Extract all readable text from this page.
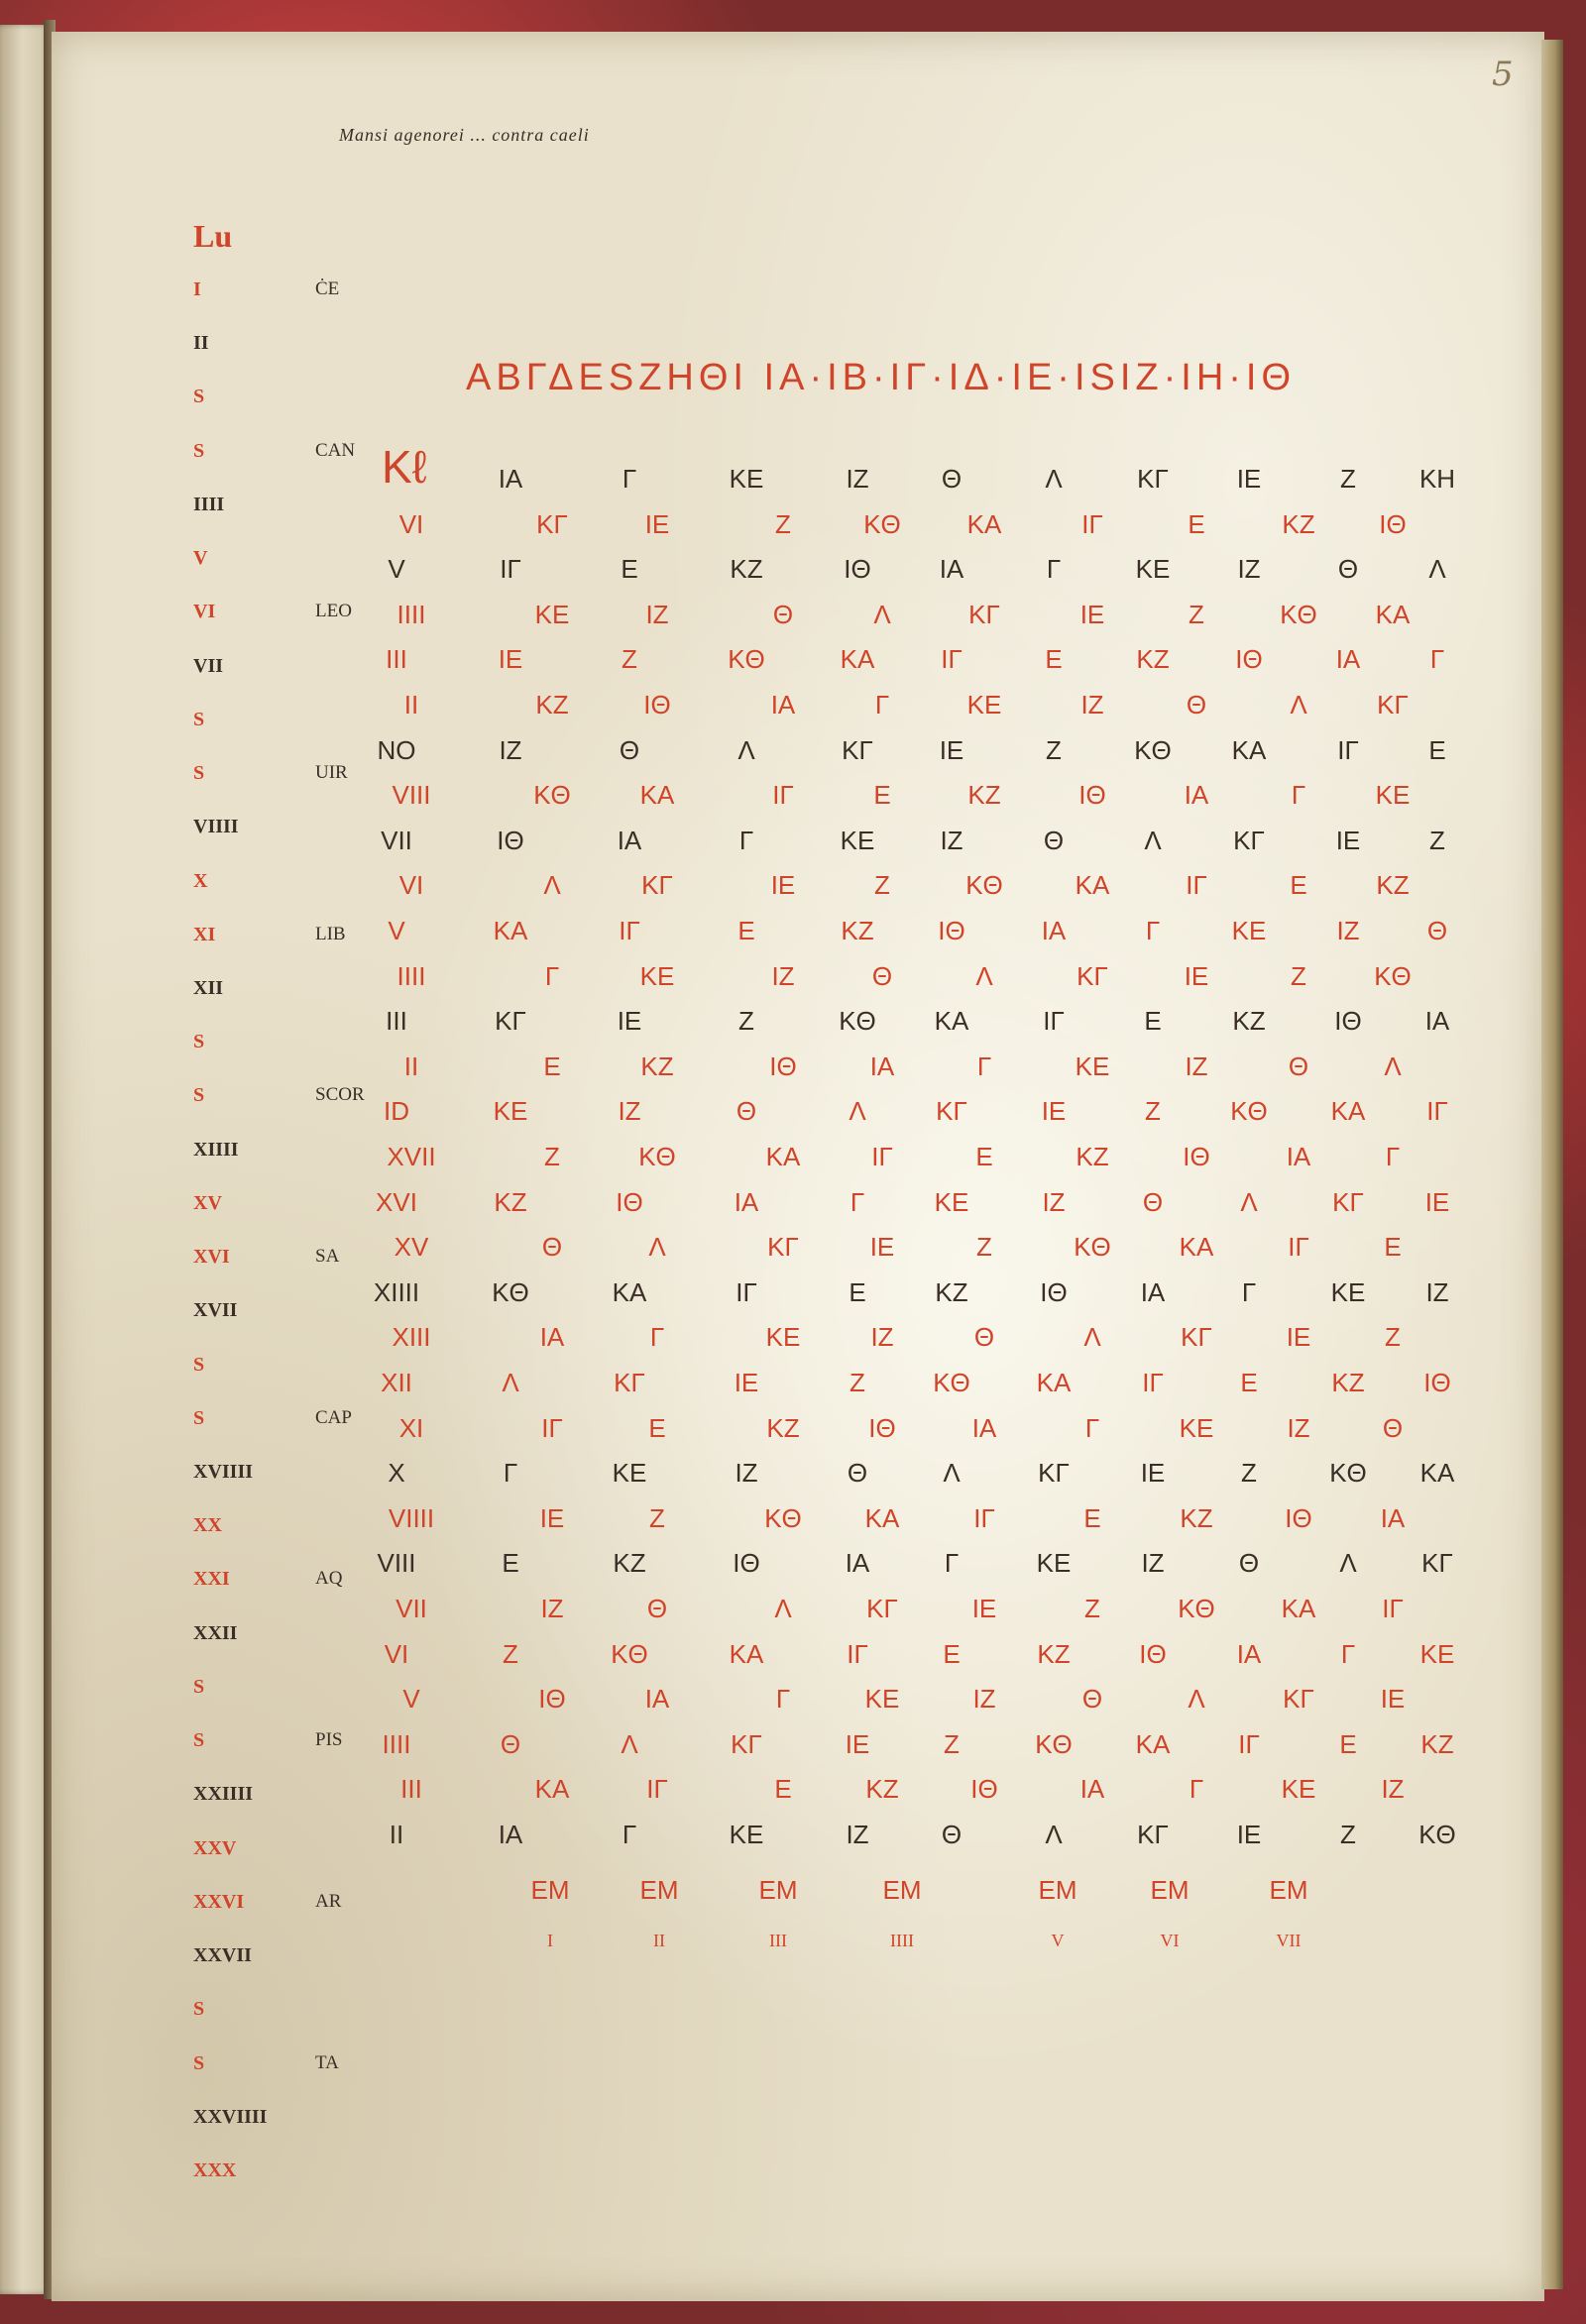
5
Mansi agenorei ... contra caeli
Lu
ΑΒΓΔΕSΖΗΘΙ ΙΑ·ΙΒ·ΙΓ·ΙΔ·ΙΕ·ΙSΙΖ·ΙΗ·ΙΘ
I
II
S
S
IIII
V
VI
VII
S
S
VIIII
X
XI
XII
S
S
XIIII
XV
XVI
XVII
S
S
XVIIII
XX
XXI
XXII
S
S
XXIIII
XXV
XXVI
XXVII
S
S
XXVIIII
XXX
ĊE
CAN
LEO
UIR
LIB
SCOR
SA
CAP
AQ
PIS
AR
TA
Kℓ	IA	Γ	KE	IZ	Θ	Λ	KΓ	IE	Z KH
VI	KΓ	IE	Z	KΘ	KA	IΓ	E	KZ IΘ
V	IΓ	E	KZ	IΘ	IA	Γ	KE	IZ	Θ	Λ
IIII	KE	IZ	Θ	Λ	KΓ	IE	Z	KΘ KA
III	IE	Z	KΘ	KA	IΓ	E	KZ	IΘ	IA	Γ
II	KZ	IΘ	IA	Γ	KE	IZ	Θ	Λ	KΓ
NO	IZ	Θ	Λ	KΓ	IE	Z	KΘ KA	IΓ	E
VIII	KΘ	KA	IΓ	E	KZ	IΘ	IA	Γ	KE
VII	IΘ	IA	Γ	KE	IZ	Θ	Λ	KΓ	IE	Z
VI	Λ	KΓ	IE	Z	KΘ	KA	IΓ	E	KZ
V	KA	IΓ	E	KZ IΘ	IA	Γ	KE	IZ	Θ
IIII	Γ	KE	IZ	Θ	Λ	KΓ	IE	Z	KΘ
III	KΓ	IE	Z	KΘ KA	IΓ	E	KZ	IΘ IA
II	E	KZ	IΘ	IA	Γ	KE	IZ	Θ	Λ
ID	KE	IZ	Θ	Λ	KΓ	IE	Z	KΘ KA IΓ
XVII	Z	KΘ	KA	IΓ	E	KZ	IΘ	IA	Γ
XVI	KZ	IΘ	IA	Γ	KE	IZ	Θ	Λ	KΓ IE
XV	Θ	Λ	KΓ	IE	Z	KΘ	KA	IΓ	E
XIIII	KΘ	KA	IΓ	E	KZ	IΘ	IA	Γ	KE IZ
XIII	IA	Γ	KE	IZ	Θ	Λ	KΓ	IE	Z
XII	Λ	KΓ	IE	Z	KΘ	KA	IΓ	E	KZ IΘ
XI	IΓ	E	KZ	IΘ	IA	Γ	KE	IZ	Θ
X	Γ	KE	IZ	Θ	Λ	KΓ	IE	Z	KΘ KA
VIIII	IE	Z	KΘ KA	IΓ	E	KZ	IΘ	IA
VIII	E	KZ	IΘ	IA	Γ	KE	IZ	Θ	Λ	KΓ
VII	IZ	Θ	Λ	KΓ	IE	Z	KΘ	KA	IΓ
VI	Z	KΘ	KA	IΓ	E	KZ	IΘ	IA	Γ	KE
V	IΘ	IA	Γ	KE	IZ	Θ	Λ	KΓ	IE
IIII	Θ	Λ	KΓ	IE	Z	KΘ KA	IΓ	E KZ
III	KA	IΓ	E	KZ	IΘ	IA	Γ	KE	IZ
II	IA	Γ	KE	IZ	Θ	Λ	KΓ	IE	Z KΘ
EM	EM	EM	EM	EM	EM	EM
I	II	III	IIII	V	VI	VII
